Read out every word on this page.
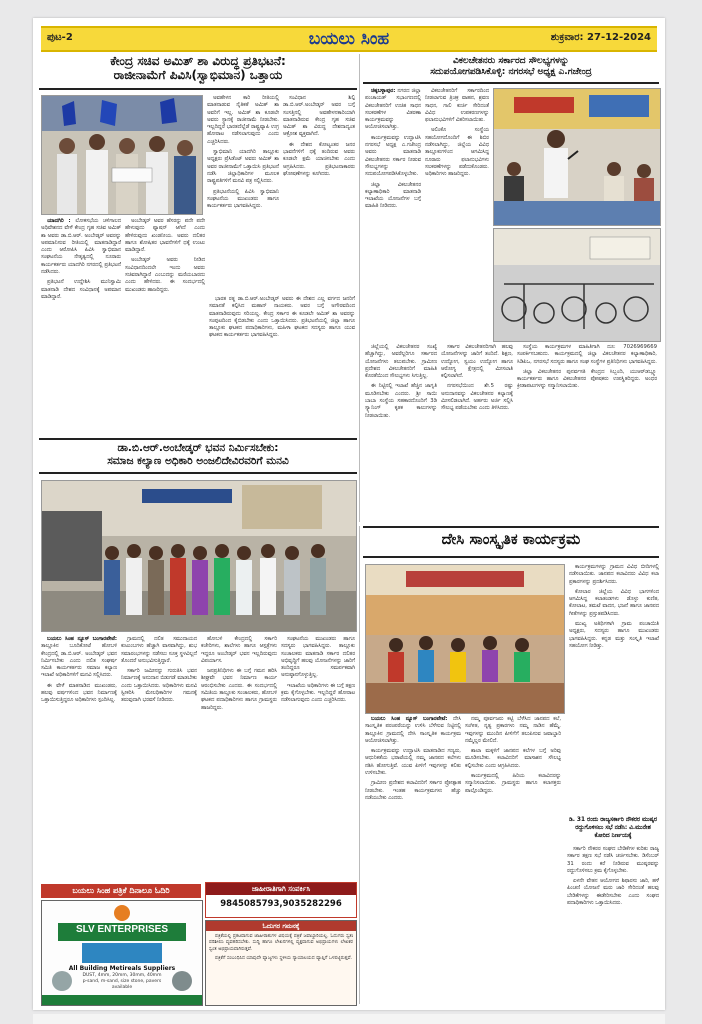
ಪುಟ-2	ಬಯಲು ಸಿಂಹ	ಶುಕ್ರವಾರ: 27-12-2024
ಕೇಂದ್ರ ಸಚಿವ ಅಮಿತ್ ಶಾ ವಿರುದ್ಧ ಪ್ರತಿಭಟನೆ:
ರಾಜೀನಾಮೆಗೆ ಪಿವಿಸಿ(ಸ್ವಾಭಿಮಾನ) ಒತ್ತಾಯ

ಅವಹೇಳನ ಕಾರಿ ರೀತಿಯಲ್ಲಿ ಮಾತನಾಡುವ ನೈತಿಕತೆ ಅಮಿತ್ ಶಾ ಅವರಿಗೆ ಇಲ್ಲ. ಅಮಿತ್ ಶಾ ಕೂಡಲೇ ಅವರು ಸ್ಥಾನಕ್ಕೆ ರಾಜೀನಾಮೆ ನೀಡಬೇಕು. ಇಲ್ಲದಿದ್ದರೆ ಭಾರತದೆಲ್ಲೆಡೆ ರಾಷ್ಟ್ರವ್ಯಾಪಿ ಉಗ್ರ ಹೋರಾಟ ನಡೆಸಲಾಗುವುದು ಎಂದು ಎಚ್ಚರಿಸಿದರು.

ಸ್ವಾಭಿಮಾನಿ ಯಾದಗಿರಿ ತಾಲ್ಲೂಕು ಅಧ್ಯಕ್ಷರು ಪ್ರೆಸಿಡೆಂಟ್ ಅವರು ಅಮಿತ್ ಶಾ ಅವರ ರಾಜೀನಾಮೆಗೆ ಒತ್ತಾಯಿಸಿ ಪ್ರತಿಭಟನೆ ನಡೆಸಿ ಜಿಲ್ಲಾಧಿಕಾರಿಗಳ ಮೂಲಕ ರಾಷ್ಟ್ರಪತಿಗಳಿಗೆ ಮನವಿ ಪತ್ರ ಸಲ್ಲಿಸಿದರು.

ಪ್ರತಿಭಟನೆಯಲ್ಲಿ ಪಿವಿಸಿ ಸ್ವಾಭಿಮಾನಿ ಸಂಘಟನೆಯ ಮುಖಂಡರು ಹಾಗೂ ಕಾರ್ಯಕರ್ತರು ಭಾಗವಹಿಸಿದ್ದರು.

ಸಂವಿಧಾನ ಶಿಲ್ಪಿ ಡಾ.ಬಿ.ಆರ್.ಅಂಬೇಡ್ಕರ್ ಅವರ ಬಗ್ಗೆ ಸಂಸತ್ತಿನಲ್ಲಿ ಅವಹೇಳನಕಾರಿಯಾಗಿ ಮಾತನಾಡಿರುವ ಕೇಂದ್ರ ಗೃಹ ಸಚಿವ ಅಮಿತ್ ಶಾ ವಿರುದ್ಧ ದೇಶದಾದ್ಯಂತ ಆಕ್ರೋಶ ವ್ಯಕ್ತವಾಗಿದೆ.

ಈ ದೇಶದ ಕೋಟ್ಯಂತರ ಜನರ ಭಾವನೆಗಳಿಗೆ ಧಕ್ಕೆ ತಂದಿರುವ ಅವರು ಕೂಡಲೇ ಕ್ಷಮೆ ಯಾಚಿಸಬೇಕು ಎಂದು ಆಗ್ರಹಿಸಿದರು. ಪ್ರತಿಭಟನಾಕಾರರು ಘೋಷಣೆಗಳನ್ನು ಕೂಗಿದರು.

ಯಾದಗಿರಿ : ಲೋಕಸಭೆಯ ಚಳಿಗಾಲದ ಅಧಿವೇಶನದ ವೇಳೆ ಕೇಂದ್ರ ಗೃಹ ಸಚಿವ ಅಮಿತ್ ಶಾ ಅವರು ಡಾ.ಬಿ.ಆರ್. ಅಂಬೇಡ್ಕರ್ ಅವರನ್ನು ಅಪಮಾನಿಸುವ ರೀತಿಯಲ್ಲಿ ಮಾತನಾಡಿದ್ದಾರೆ ಎಂದು ಆರೋಪಿಸಿ ಪಿವಿಸಿ ಸ್ವಾಭಿಮಾನ ಸಂಘಟನೆಯ ನೇತೃತ್ವದಲ್ಲಿ ನೂರಾರು ಕಾರ್ಯಕರ್ತರು ಯಾದಗಿರಿ ನಗರದಲ್ಲಿ ಪ್ರತಿಭಟನೆ ನಡೆಸಿದರು.

ಪ್ರತಿಭಟನೆ ಉದ್ದೇಶಿಸಿ ಮುನಿಸ್ವಾಮಿ ಮಾತನಾಡಿ ದೇಶದ ಸಂವಿಧಾನಕ್ಕೆ ಅಪಮಾನ ಮಾಡಿದ್ದಾರೆ.

ಅಂಬೇಡ್ಕರ್ ಅವರ ಹೆಸರನ್ನು ಪದೇ ಪದೇ ಹೇಳುವುದು ಫ್ಯಾಷನ್ ಆಗಿದೆ ಎಂದು ಹೇಳಿರುವುದು ಖಂಡನೀಯ. ಅವರು ದಲಿತರ ಹಾಗೂ ಶೋಷಿತರ ಭಾವನೆಗಳಿಗೆ ಧಕ್ಕೆ ಉಂಟು ಮಾಡಿದ್ದಾರೆ.

ಅಂಬೇಡ್ಕರ್ ಅವರು ನೀಡಿದ ಸಂವಿಧಾನದಿಂದಲೇ ಇಂದು ಅವರು ಸಚಿವರಾಗಿದ್ದಾರೆ ಎಂಬುದನ್ನು ಮರೆಯಬಾರದು ಎಂದು ಹೇಳಿದರು. ಈ ಸಂದರ್ಭದಲ್ಲಿ ಮುಖಂಡರು ಹಾಜರಿದ್ದರು.

ಭಾರತ ರತ್ನ ಡಾ.ಬಿ.ಆರ್.ಅಂಬೇಡ್ಕರ್ ಅವರು ಈ ದೇಶದ ಎಲ್ಲ ವರ್ಗದ ಜನರಿಗೆ ಸಮಾನತೆ ಕಲ್ಪಿಸಿದ ಮಹಾನ್ ನಾಯಕರು. ಅವರ ಬಗ್ಗೆ ಅಗೌರವದಿಂದ ಮಾತನಾಡಿರುವುದು ಸರಿಯಲ್ಲ. ಕೇಂದ್ರ ಸರ್ಕಾರ ಈ ಕೂಡಲೇ ಅಮಿತ್ ಶಾ ಅವರನ್ನು ಸಂಪುಟದಿಂದ ಕೈಬಿಡಬೇಕು ಎಂದು ಒತ್ತಾಯಿಸಿದರು. ಪ್ರತಿಭಟನೆಯಲ್ಲಿ ಜಿಲ್ಲಾ ಹಾಗೂ ತಾಲ್ಲೂಕು ಘಟಕದ ಪದಾಧಿಕಾರಿಗಳು, ಮಹಿಳಾ ಘಟಕದ ಸದಸ್ಯರು ಹಾಗೂ ಯುವ ಘಟಕದ ಕಾರ್ಯಕರ್ತರು ಭಾಗವಹಿಸಿದ್ದರು.

ವಿಕಲಚೇತನರು ಸರ್ಕಾರದ ಸೌಲಭ್ಯಗಳನ್ನು
ಸದುಪಯೋಗಪಡಿಸಿಕೊಳ್ಳಿ: ನಗರಸಭೆ ಅಧ್ಯಕ್ಷ ಎ.ಗಜೇಂದ್ರ

ಚಿಕ್ಕಬಳ್ಳಾಪುರ: ನಗರದ ಜಿಲ್ಲಾ ಪಂಚಾಯತ್ ಸಭಾಂಗಣದಲ್ಲಿ ವಿಕಲಚೇತನರಿಗೆ ಉಚಿತ ಸಾಧನ ಸಲಕರಣೆಗಳ ವಿತರಣಾ ಕಾರ್ಯಕ್ರಮವನ್ನು ಆಯೋಜಿಸಲಾಗಿತ್ತು.

ಕಾರ್ಯಕ್ರಮವನ್ನು ಉದ್ಘಾಟಿಸಿ ನಗರಸಭೆ ಅಧ್ಯಕ್ಷ ಎ.ಗಜೇಂದ್ರ ಅವರು ಮಾತನಾಡಿ ವಿಕಲಚೇತನರು ಸರ್ಕಾರ ನೀಡುವ ಸೌಲಭ್ಯಗಳನ್ನು ಸದುಪಯೋಗಪಡಿಸಿಕೊಳ್ಳಬೇಕು.

ಜಿಲ್ಲಾ ವಿಕಲಚೇತನರ ಕಲ್ಯಾಣಾಧಿಕಾರಿ ಮಾತನಾಡಿ ಇಲಾಖೆಯ ಯೋಜನೆಗಳ ಬಗ್ಗೆ ಮಾಹಿತಿ ನೀಡಿದರು.

ವಿಕಲಚೇತನರಿಗೆ ಸರ್ಕಾರದಿಂದ ನೀಡಲಾಗುವ ತ್ರಿಚಕ್ರ ವಾಹನ, ಶ್ರವಣ ಸಾಧನ, ಗಾಲಿ ಕುರ್ಚಿ ಸೇರಿದಂತೆ ವಿವಿಧ ಉಪಕರಣಗಳನ್ನು ಫಲಾನುಭವಿಗಳಿಗೆ ವಿತರಿಸಲಾಯಿತು.

ಅಲಿಂಕೊ ಸಂಸ್ಥೆಯ ಸಹಯೋಗದೊಂದಿಗೆ ಈ ಶಿಬಿರ ನಡೆಸಲಾಗಿದ್ದು, ಜಿಲ್ಲೆಯ ವಿವಿಧ ತಾಲ್ಲೂಕುಗಳಿಂದ ಆಗಮಿಸಿದ್ದ ನೂರಾರು ಫಲಾನುಭವಿಗಳು ಸಲಕರಣೆಗಳನ್ನು ಪಡೆದುಕೊಂಡರು. ಅಧಿಕಾರಿಗಳು ಹಾಜರಿದ್ದರು.

ಜಿಲ್ಲೆಯಲ್ಲಿ ವಿಕಲಚೇತನರ ಸಂಖ್ಯೆ ಹೆಚ್ಚಾಗಿದ್ದು, ಅವರೆಲ್ಲರಿಗೂ ಸರ್ಕಾರದ ಯೋಜನೆಗಳು ತಲುಪಬೇಕು. ಗ್ರಾಮೀಣ ಪ್ರದೇಶದ ವಿಕಲಚೇತನರಿಗೆ ಮಾಹಿತಿ ಕೊರತೆಯಿಂದ ಸೌಲಭ್ಯಗಳು ಸಿಗುತ್ತಿಲ್ಲ.

ಈ ನಿಟ್ಟಿನಲ್ಲಿ ಇಲಾಖೆ ಹೆಚ್ಚಿನ ಜಾಗೃತಿ ಮೂಡಿಸಬೇಕು ಎಂದರು. ಶ್ರೀ ಸಾಯಿ ಬಾಬಾ ಸಂಸ್ಥೆಯ ಸಹಕಾರದೊಂದಿಗೆ 3ಡಿ ಸ್ಕ್ಯಾನಿಂಗ್ ಕೃತಕ ಕಾಲುಗಳನ್ನು ನೀಡಲಾಯಿತು.

ಸರ್ಕಾರ ವಿಕಲಚೇತನರಿಗಾಗಿ ಹಲವು ಯೋಜನೆಗಳನ್ನು ಜಾರಿಗೆ ತಂದಿದೆ. ಶಿಕ್ಷಣ, ಉದ್ಯೋಗ, ಸ್ವಯಂ ಉದ್ಯೋಗ ಹಾಗೂ ಆರೋಗ್ಯ ಕ್ಷೇತ್ರದಲ್ಲಿ ಮೀಸಲಾತಿ ಕಲ್ಪಿಸಲಾಗಿದೆ.

ನಗರಸಭೆಯಿಂದ ಶೇ.5 ರಷ್ಟು ಅನುದಾನವನ್ನು ವಿಕಲಚೇತನರ ಕಲ್ಯಾಣಕ್ಕೆ ಮೀಸಲಿಡಲಾಗಿದೆ. ಅರ್ಹರು ಅರ್ಜಿ ಸಲ್ಲಿಸಿ ಸೌಲಭ್ಯ ಪಡೆಯಬೇಕು ಎಂದು ತಿಳಿಸಿದರು.

ಸಂಸ್ಥೆಯ ಕಾರ್ಯಕ್ರಮಗಳ ಮಾಹಿತಿಗಾಗಿ ದೂ: 7026969669 ಸಂಪರ್ಕಿಸಬಹುದು. ಕಾರ್ಯಕ್ರಮದಲ್ಲಿ ಜಿಲ್ಲಾ ವಿಕಲಚೇತನರ ಕಲ್ಯಾಣಾಧಿಕಾರಿ, ಸಿಡಿಪಿಒ, ನಗರಸಭೆ ಸದಸ್ಯರು ಹಾಗೂ ಸಂಘ ಸಂಸ್ಥೆಗಳ ಪ್ರತಿನಿಧಿಗಳು ಭಾಗವಹಿಸಿದ್ದರು.

ಜಿಲ್ಲಾ ವಿಕಲಚೇತನರ ಪುನರ್ವಸತಿ ಕೇಂದ್ರದ ಸಿಬ್ಬಂದಿ, ಯುಆರ್‌ಡಬ್ಲ್ಯೂ ಕಾರ್ಯಕರ್ತರು ಹಾಗೂ ವಿಕಲಚೇತನರ ಪೋಷಕರು ಉಪಸ್ಥಿತರಿದ್ದರು. ಅಂಧರ ಕ್ರೀಡಾಪಟುಗಳನ್ನು ಸನ್ಮಾನಿಸಲಾಯಿತು.

ಡಾ.ಬಿ.ಆರ್.ಅಂಬೇಡ್ಕರ್ ಭವನ ನಿರ್ಮಿಸಬೇಕು:
ಸಮಾಜ ಕಲ್ಯಾಣ ಅಧಿಕಾರಿ ಅಂಜಲಿದೇವಿರವರಿಗೆ ಮನವಿ

ಬಯಲು ಸಿಂಹ ನ್ಯೂಸ್ ಬಂಗಾರಪೇಟೆ: ತಾಲ್ಲೂಕಿನ ಬೂದಿಕೋಟೆ ಹೋಬಳಿ ಕೇಂದ್ರದಲ್ಲಿ ಡಾ.ಬಿ.ಆರ್. ಅಂಬೇಡ್ಕರ್ ಭವನ ನಿರ್ಮಿಸಬೇಕು ಎಂದು ದಲಿತ ಸಂಘರ್ಷ ಸಮಿತಿ ಕಾರ್ಯಕರ್ತರು ಸಮಾಜ ಕಲ್ಯಾಣ ಇಲಾಖೆ ಅಧಿಕಾರಿಗಳಿಗೆ ಮನವಿ ಸಲ್ಲಿಸಿದರು.

ಈ ವೇಳೆ ಮಾತನಾಡಿದ ಮುಖಂಡರು, ಹಲವು ವರ್ಷಗಳಿಂದ ಭವನ ನಿರ್ಮಾಣಕ್ಕೆ ಒತ್ತಾಯಿಸುತ್ತಿದ್ದರೂ ಅಧಿಕಾರಿಗಳು ಸ್ಪಂದಿಸಿಲ್ಲ.

ಗ್ರಾಮದಲ್ಲಿ ದಲಿತ ಸಮುದಾಯದ ಕುಟುಂಬಗಳು ಹೆಚ್ಚಾಗಿ ವಾಸವಾಗಿದ್ದು, ಶುಭ ಸಮಾರಂಭಗಳನ್ನು ನಡೆಸಲು ಸೂಕ್ತ ಸ್ಥಳವಿಲ್ಲದೆ ತೊಂದರೆ ಅನುಭವಿಸುತ್ತಿದ್ದಾರೆ.

ಸರ್ಕಾರಿ ಜಮೀನನ್ನು ಗುರುತಿಸಿ ಭವನ ನಿರ್ಮಾಣಕ್ಕೆ ಅನುದಾನ ಬಿಡುಗಡೆ ಮಾಡಬೇಕು ಎಂದು ಒತ್ತಾಯಿಸಿದರು. ಅಧಿಕಾರಿಗಳು ಮನವಿ ಸ್ವೀಕರಿಸಿ ಮೇಲಧಿಕಾರಿಗಳ ಗಮನಕ್ಕೆ ತರುವುದಾಗಿ ಭರವಸೆ ನೀಡಿದರು.

ಹೋಬಳಿ ಕೇಂದ್ರದಲ್ಲಿ ಸರ್ಕಾರಿ ಕಚೇರಿಗಳು, ಶಾಲೆಗಳು ಹಾಗೂ ಆಸ್ಪತ್ರೆಗಳು ಇದ್ದರೂ ಅಂಬೇಡ್ಕರ್ ಭವನ ಇಲ್ಲದಿರುವುದು ವಿಪರ್ಯಾಸ.

ಜನಪ್ರತಿನಿಧಿಗಳು ಈ ಬಗ್ಗೆ ಗಮನ ಹರಿಸಿ ಶೀಘ್ರವೇ ಭವನ ನಿರ್ಮಾಣ ಕಾರ್ಯ ಆರಂಭಿಸಬೇಕು ಎಂದರು. ಈ ಸಂದರ್ಭದಲ್ಲಿ ಸಮಿತಿಯ ತಾಲ್ಲೂಕು ಸಂಚಾಲಕರು, ಹೋಬಳಿ ಘಟಕದ ಪದಾಧಿಕಾರಿಗಳು ಹಾಗೂ ಗ್ರಾಮಸ್ಥರು ಹಾಜರಿದ್ದರು.

ಸಂಘಟನೆಯ ಮುಖಂಡರು ಹಾಗೂ ಸದಸ್ಯರು ಭಾಗವಹಿಸಿದ್ದರು. ತಾಲ್ಲೂಕು ಸಂಚಾಲಕರು ಮಾತನಾಡಿ ಸರ್ಕಾರ ದಲಿತರ ಅಭಿವೃದ್ಧಿಗೆ ಹಲವು ಯೋಜನೆಗಳನ್ನು ಜಾರಿಗೆ ತಂದಿದ್ದರೂ ಸಮರ್ಪಕವಾಗಿ ಅನುಷ್ಠಾನಗೊಳ್ಳುತ್ತಿಲ್ಲ.

ಇಲಾಖೆಯ ಅಧಿಕಾರಿಗಳು ಈ ಬಗ್ಗೆ ತಕ್ಷಣ ಕ್ರಮ ಕೈಗೊಳ್ಳಬೇಕು. ಇಲ್ಲದಿದ್ದರೆ ಹೋರಾಟ ನಡೆಸಲಾಗುವುದು ಎಂದು ಎಚ್ಚರಿಸಿದರು.

ಬಯಲು ಸಿಂಹ ಪತ್ರಿಕೆ ದಿನಾಲೂ ಓದಿರಿ
SLV ENTERPRISES
All Building Metireals Suppliers
DUST, 4mm, 20mm, 30mm, 40mm
p-sand, m-sand, size stone, pavers available
ಜಾಹೀರಾತಿಗಾಗಿ ಸಂಪರ್ಕಿಸಿ
9845085793,9035282296
ಓದುಗರ ಗಮನಕ್ಕೆ

ಪತ್ರಿಕೆಯಲ್ಲಿ ಪ್ರಕಟವಾಗುವ ಜಾಹೀರಾತುಗಳ ವಿಷಯಕ್ಕೆ ಪತ್ರಿಕೆ ಜವಾಬ್ದಾರಿಯಲ್ಲ. ಓದುಗರು ಸ್ವತಃ ಪರಿಶೀಲಿಸಿ ವ್ಯವಹರಿಸಬೇಕು. ಸುದ್ದಿ ಹಾಗೂ ಲೇಖನಗಳಲ್ಲಿ ವ್ಯಕ್ತವಾಗುವ ಅಭಿಪ್ರಾಯಗಳು ಲೇಖಕರ ಸ್ವಂತ ಅಭಿಪ್ರಾಯವಾಗಿರುತ್ತವೆ.

ಪತ್ರಿಕೆಗೆ ಸಂಬಂಧಿಸಿದ ಯಾವುದೇ ವ್ಯಾಜ್ಯಗಳು ಸ್ಥಳೀಯ ನ್ಯಾಯಾಲಯದ ವ್ಯಾಪ್ತಿಗೆ ಒಳಪಟ್ಟಿರುತ್ತವೆ.

ದೇಸಿ ಸಾಂಸ್ಕೃತಿಕ ಕಾರ್ಯಕ್ರಮ

ಕಾರ್ಯಕ್ರಮಗಳನ್ನು ಗ್ರಾಮದ ವಿವಿಧ ಬೀದಿಗಳಲ್ಲಿ ನಡೆಸಲಾಯಿತು. ಜಾನಪದ ಕಲಾವಿದರು ವಿವಿಧ ಕಲಾ ಪ್ರಕಾರಗಳನ್ನು ಪ್ರದರ್ಶಿಸಿದರು.

ಕೋಲಾರ ಜಿಲ್ಲೆಯ ವಿವಿಧ ಭಾಗಗಳಿಂದ ಆಗಮಿಸಿದ್ದ ಕಲಾತಂಡಗಳು ಡೊಳ್ಳು ಕುಣಿತ, ಕೋಲಾಟ, ತಮಟೆ ವಾದನ, ಭಜನೆ ಹಾಗೂ ಜಾನಪದ ಗೀತೆಗಳನ್ನು ಪ್ರಸ್ತುತಪಡಿಸಿದರು.

ಮುಖ್ಯ ಅತಿಥಿಗಳಾಗಿ ಗ್ರಾಮ ಪಂಚಾಯಿತಿ ಅಧ್ಯಕ್ಷರು, ಸದಸ್ಯರು ಹಾಗೂ ಮುಖಂಡರು ಭಾಗವಹಿಸಿದ್ದರು. ಕನ್ನಡ ಮತ್ತು ಸಂಸ್ಕೃತಿ ಇಲಾಖೆ ಸಹಯೋಗ ನೀಡಿತ್ತು.

ಬಯಲು ಸಿಂಹ ನ್ಯೂಸ್ ಬಂಗಾರಪೇಟೆ: ದೇಸಿ ಸಾಂಸ್ಕೃತಿಕ ಪರಂಪರೆಯನ್ನು ಉಳಿಸಿ ಬೆಳೆಸುವ ನಿಟ್ಟಿನಲ್ಲಿ ತಾಲ್ಲೂಕಿನ ಗ್ರಾಮದಲ್ಲಿ ದೇಸಿ ಸಾಂಸ್ಕೃತಿಕ ಕಾರ್ಯಕ್ರಮ ಆಯೋಜಿಸಲಾಗಿತ್ತು.

ಕಾರ್ಯಕ್ರಮವನ್ನು ಉದ್ಘಾಟಿಸಿ ಮಾತನಾಡಿದ ಗಣ್ಯರು, ಆಧುನಿಕತೆಯ ಭರಾಟೆಯಲ್ಲಿ ನಮ್ಮ ಜಾನಪದ ಕಲೆಗಳು ನಶಿಸಿ ಹೋಗುತ್ತಿವೆ. ಯುವ ಪೀಳಿಗೆ ಇವುಗಳನ್ನು ಕಲಿತು ಉಳಿಸಬೇಕು.

ಗ್ರಾಮೀಣ ಪ್ರದೇಶದ ಕಲಾವಿದರಿಗೆ ಸರ್ಕಾರ ಪ್ರೋತ್ಸಾಹ ನೀಡಬೇಕು. ಇಂತಹ ಕಾರ್ಯಕ್ರಮಗಳು ಹೆಚ್ಚು ನಡೆಯಬೇಕು ಎಂದರು.

ನಮ್ಮ ಪೂರ್ವಜರು ಕಟ್ಟಿ ಬೆಳೆಸಿದ ಜಾನಪದ ಕಲೆ, ಸಂಗೀತ, ನೃತ್ಯ ಪ್ರಕಾರಗಳು ನಮ್ಮ ನಾಡಿನ ಹೆಮ್ಮೆ. ಇವುಗಳನ್ನು ಮುಂದಿನ ಪೀಳಿಗೆಗೆ ತಲುಪಿಸುವ ಜವಾಬ್ದಾರಿ ನಮ್ಮೆಲ್ಲರ ಮೇಲಿದೆ.

ಶಾಲಾ ಮಕ್ಕಳಿಗೆ ಜಾನಪದ ಕಲೆಗಳ ಬಗ್ಗೆ ಅರಿವು ಮೂಡಿಸಬೇಕು. ಕಲಾವಿದರಿಗೆ ಮಾಸಾಶನ ಸೌಲಭ್ಯ ಕಲ್ಪಿಸಬೇಕು ಎಂದು ಆಗ್ರಹಿಸಿದರು.

ಕಾರ್ಯಕ್ರಮದಲ್ಲಿ ಹಿರಿಯ ಕಲಾವಿದರನ್ನು ಸನ್ಮಾನಿಸಲಾಯಿತು. ಗ್ರಾಮಸ್ಥರು ಹಾಗೂ ಕಲಾಸಕ್ತರು ಪಾಲ್ಗೊಂಡಿದ್ದರು.

ಡಿ. 31 ರಂದು ರಾಜ್ಯಸರ್ಕಾರಿ ನೌಕರರ ಮುಷ್ಕರ
ರದ್ದುಗೊಳಿಸಲು ಸಭೆ ನಡೆಸಿ: ವಿ.ಮುನೇಶ
ಕೋರಿದ ನಿರ್ಣಯಕ್ಕೆ

ಸರ್ಕಾರಿ ನೌಕರರ ಸಂಘದ ಬೇಡಿಕೆಗಳ ಕುರಿತು ರಾಜ್ಯ ಸರ್ಕಾರ ತಕ್ಷಣ ಸಭೆ ನಡೆಸಿ ಚರ್ಚಿಸಬೇಕು. ಡಿಸೆಂಬರ್ 31 ರಂದು ಕರೆ ನೀಡಿರುವ ಮುಷ್ಕರವನ್ನು ರದ್ದುಗೊಳಿಸಲು ಕ್ರಮ ಕೈಗೊಳ್ಳಬೇಕು.

ಏಳನೇ ವೇತನ ಆಯೋಗದ ಶಿಫಾರಸು ಜಾರಿ, ಹಳೆ ಪಿಂಚಣಿ ಯೋಜನೆ ಮರು ಜಾರಿ ಸೇರಿದಂತೆ ಹಲವು ಬೇಡಿಕೆಗಳನ್ನು ಈಡೇರಿಸಬೇಕು ಎಂದು ಸಂಘದ ಪದಾಧಿಕಾರಿಗಳು ಒತ್ತಾಯಿಸಿದರು.
